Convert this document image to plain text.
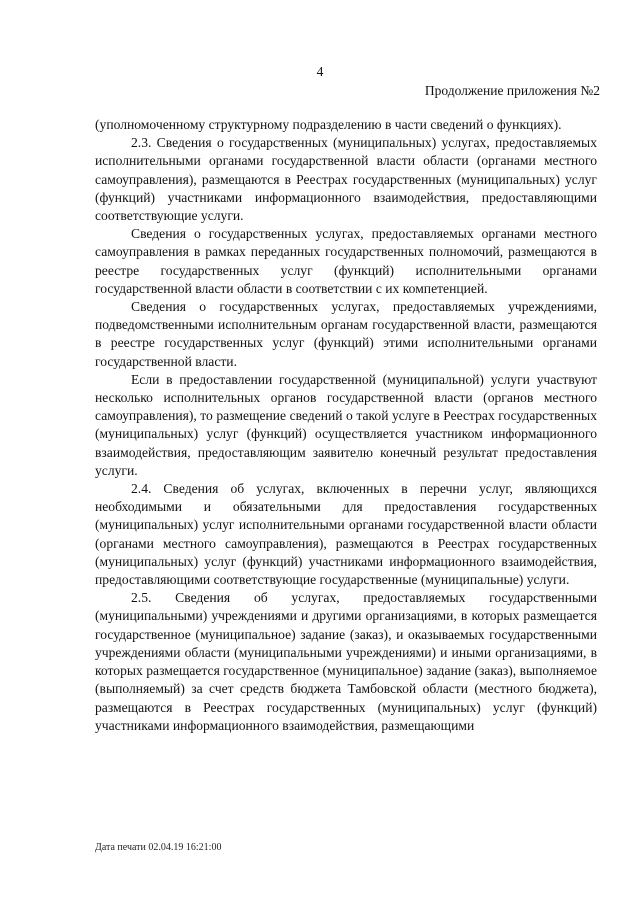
4
Продолжение приложения №2

(уполномоченному структурному подразделению в части сведений о функциях).

2.3. Сведения о государственных (муниципальных) услугах, предоставляемых исполнительными органами государственной власти области (органами местного самоуправления), размещаются в Реестрах государственных (муниципальных) услуг (функций) участниками информационного взаимодействия, предоставляющими соответствующие услуги.

Сведения о государственных услугах, предоставляемых органами местного самоуправления в рамках переданных государственных полномочий, размещаются в реестре государственных услуг (функций) исполнительными органами государственной власти области в соответствии с их компетенцией.

Сведения о государственных услугах, предоставляемых учреждениями, подведомственными исполнительным органам государственной власти, размещаются в реестре государственных услуг (функций) этими исполнительными органами государственной власти.

Если в предоставлении государственной (муниципальной) услуги участвуют несколько исполнительных органов государственной власти (органов местного самоуправления), то размещение сведений о такой услуге в Реестрах государственных (муниципальных) услуг (функций) осуществляется участником информационного взаимодействия, предоставляющим заявителю конечный результат предоставления услуги.

2.4. Сведения об услугах, включенных в перечни услуг, являющихся необходимыми и обязательными для предоставления государственных (муниципальных) услуг исполнительными органами государственной власти области (органами местного самоуправления), размещаются в Реестрах государственных (муниципальных) услуг (функций) участниками информационного взаимодействия, предоставляющими соответствующие государственные (муниципальные) услуги.

2.5. Сведения об услугах, предоставляемых государственными (муниципальными) учреждениями и другими организациями, в которых размещается государственное (муниципальное) задание (заказ), и оказываемых государственными учреждениями области (муниципальными учреждениями) и иными организациями, в которых размещается государственное (муниципальное) задание (заказ), выполняемое (выполняемый) за счет средств бюджета Тамбовской области (местного бюджета), размещаются в Реестрах государственных (муниципальных) услуг (функций) участниками информационного взаимодействия, размещающими

Дата печати 02.04.19 16:21:00
